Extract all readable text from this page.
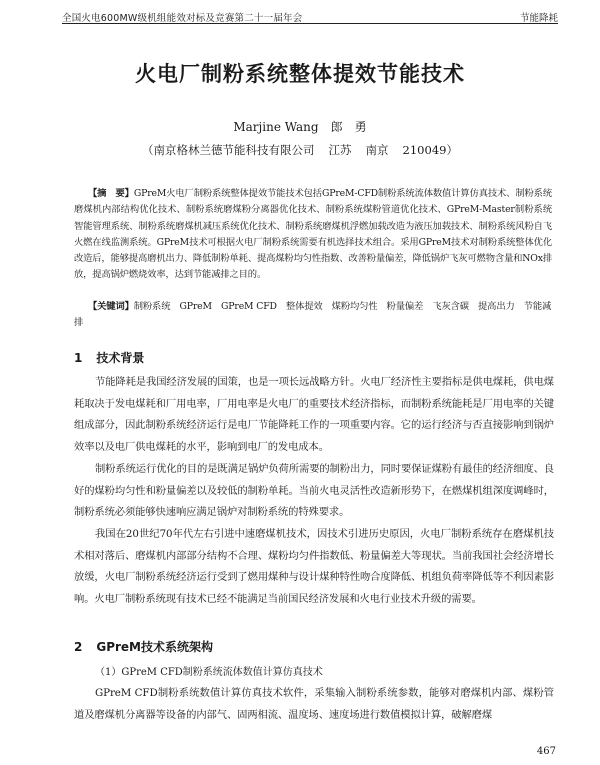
全国火电600MW级机组能效对标及竞赛第二十一届年会	节能降耗
火电厂制粉系统整体提效节能技术
Marjine Wang 郎　勇
（南京格林兰德节能科技有限公司 江苏 南京 210049）
【摘　要】GPreM火电厂制粉系统整体提效节能技术包括GPreM-CFD制粉系统流体数值计算仿真技术、制粉系统磨煤机内部结构优化技术、制粉系统磨煤粉分离器优化技术、制粉系统煤粉管道优化技术、GPreM-Master制粉系统智能管理系统、制粉系统磨煤机减压系统优化技术、制粉系统磨煤机浮燃加载改造为液压加载技术、制粉系统风粉自飞火燃在线监测系统。GPreM技术可根据火电厂制粉系统需要有机选择技术组合。采用GPreM技术对制粉系统整体优化改造后，能够提高磨机出力、降低制粉单耗、提高煤粉均匀性指数、改善粉量偏差，降低锅炉飞灰可燃物含量和NOx排放，提高锅炉燃烧效率，达到节能减排之目的。
【关键词】制粉系统　GPreM　GPreM CFD　整体提效　煤粉均匀性　粉量偏差　飞灰含碳　提高出力　节能减排
1 技术背景
节能降耗是我国经济发展的国策，也是一项长远战略方针。火电厂经济性主要指标是供电煤耗，供电煤耗取决于发电煤耗和厂用电率，厂用电率是火电厂的重要技术经济指标，而制粉系统能耗是厂用电率的关键组成部分，因此制粉系统经济运行是电厂节能降耗工作的一项重要内容。它的运行经济与否直接影响到锅炉效率以及电厂供电煤耗的水平，影响到电厂的发电成本。
制粉系统运行优化的目的是既满足锅炉负荷所需要的制粉出力，同时要保证煤粉有最佳的经济细度、良好的煤粉均匀性和粉量偏差以及较低的制粉单耗。当前火电灵活性改造新形势下，在燃煤机组深度调峰时，制粉系统必须能够快速响应满足锅炉对制粉系统的特殊要求。
我国在20世纪70年代左右引进中速磨煤机技术，因技术引进历史原因，火电厂制粉系统存在磨煤机技术相对落后、磨煤机内部部分结构不合理、煤粉均匀件指数低、粉量偏差大等现状。当前我国社会经济增长放缓，火电厂制粉系统经济运行受到了燃用煤种与设计煤种特性吻合度降低、机组负荷率降低等不利因素影响。火电厂制粉系统现有技术已经不能满足当前国民经济发展和火电行业技术升级的需要。
2 GPreM技术系统架构
（1）GPreM CFD制粉系统流体数值计算仿真技术
GPreM CFD制粉系统数值计算仿真技术软件，采集输入制粉系统参数，能够对磨煤机内部、煤粉管道及磨煤机分离器等设备的内部气、固两相流、温度场、速度场进行数值模拟计算，破解磨煤
467
